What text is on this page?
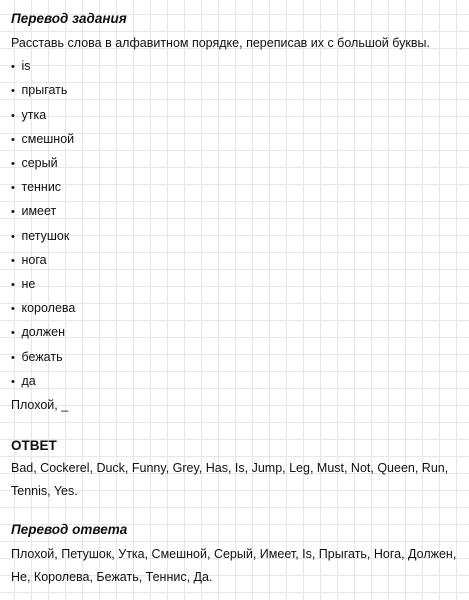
Перевод задания

Расставь слова в алфавитном порядке, переписав их с большой буквы.

• is
• прыгать
• утка
• смешной
• серый
• теннис
• имеет
• петушок
• нога
• не
• королева
• должен
• бежать
• да

Плохой, _

ОТВЕТ

Bad, Cockerel, Duck, Funny, Grey, Has, Is, Jump, Leg, Must, Not, Queen, Run,

Tennis, Yes.

Перевод ответа

Плохой, Петушок, Утка, Смешной, Серый, Имеет, Is, Прыгать, Нога, Должен,

Не, Королева, Бежать, Теннис, Да.
